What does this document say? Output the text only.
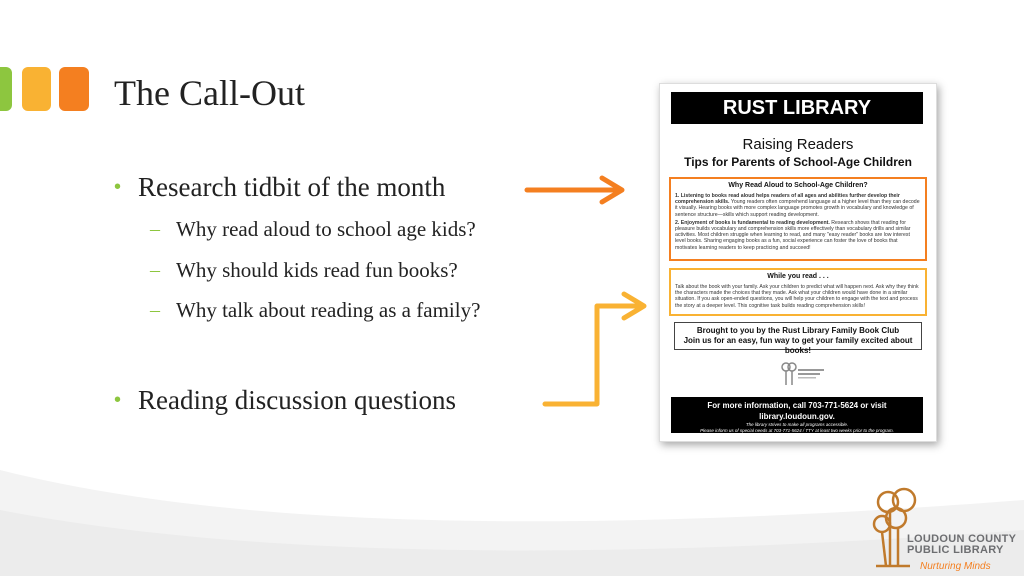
The Call-Out
• Research tidbit of the month
– Why read aloud to school age kids?
– Why should kids read fun books?
– Why talk about reading as a family?
• Reading discussion questions
RUST LIBRARY
Raising Readers
Tips for Parents of School-Age Children
Why Read Aloud to School-Age Children?

1. Listening to books read aloud helps readers of all ages and abilities further develop their comprehension skills. Young readers often comprehend language at a higher level than they can decode it visually. Hearing books with more complex language promotes growth in vocabulary and knowledge of sentence structure—skills which support reading development.

2. Enjoyment of books is fundamental to reading development. Research shows that reading for pleasure builds vocabulary and comprehension skills more effectively than vocabulary drills and similar activities. Most children struggle when learning to read, and many "easy reader" books are low interest level books. Sharing engaging books as a fun, social experience can foster the love of books that motivates learning readers to keep practicing and succeed!

While you read . . .

Talk about the book with your family. Ask your children to predict what will happen next. Ask why they think the characters made the choices that they made. Ask what your children would have done in a similar situation. If you ask open-ended questions, you will help your children to engage with the text and process the story at a deeper level. This cognitive task builds reading comprehension skills!

Brought to you by the Rust Library Family Book Club
Join us for an easy, fun way to get your family excited about books!
For more information, call 703-771-5624 or visit library.loudoun.gov.
The library strives to make all programs accessible.
Please inform us of special needs at 703-771-5624 / TTY at least two weeks prior to the program.
LOUDOUN COUNTY
PUBLIC LIBRARY
Nurturing Minds
